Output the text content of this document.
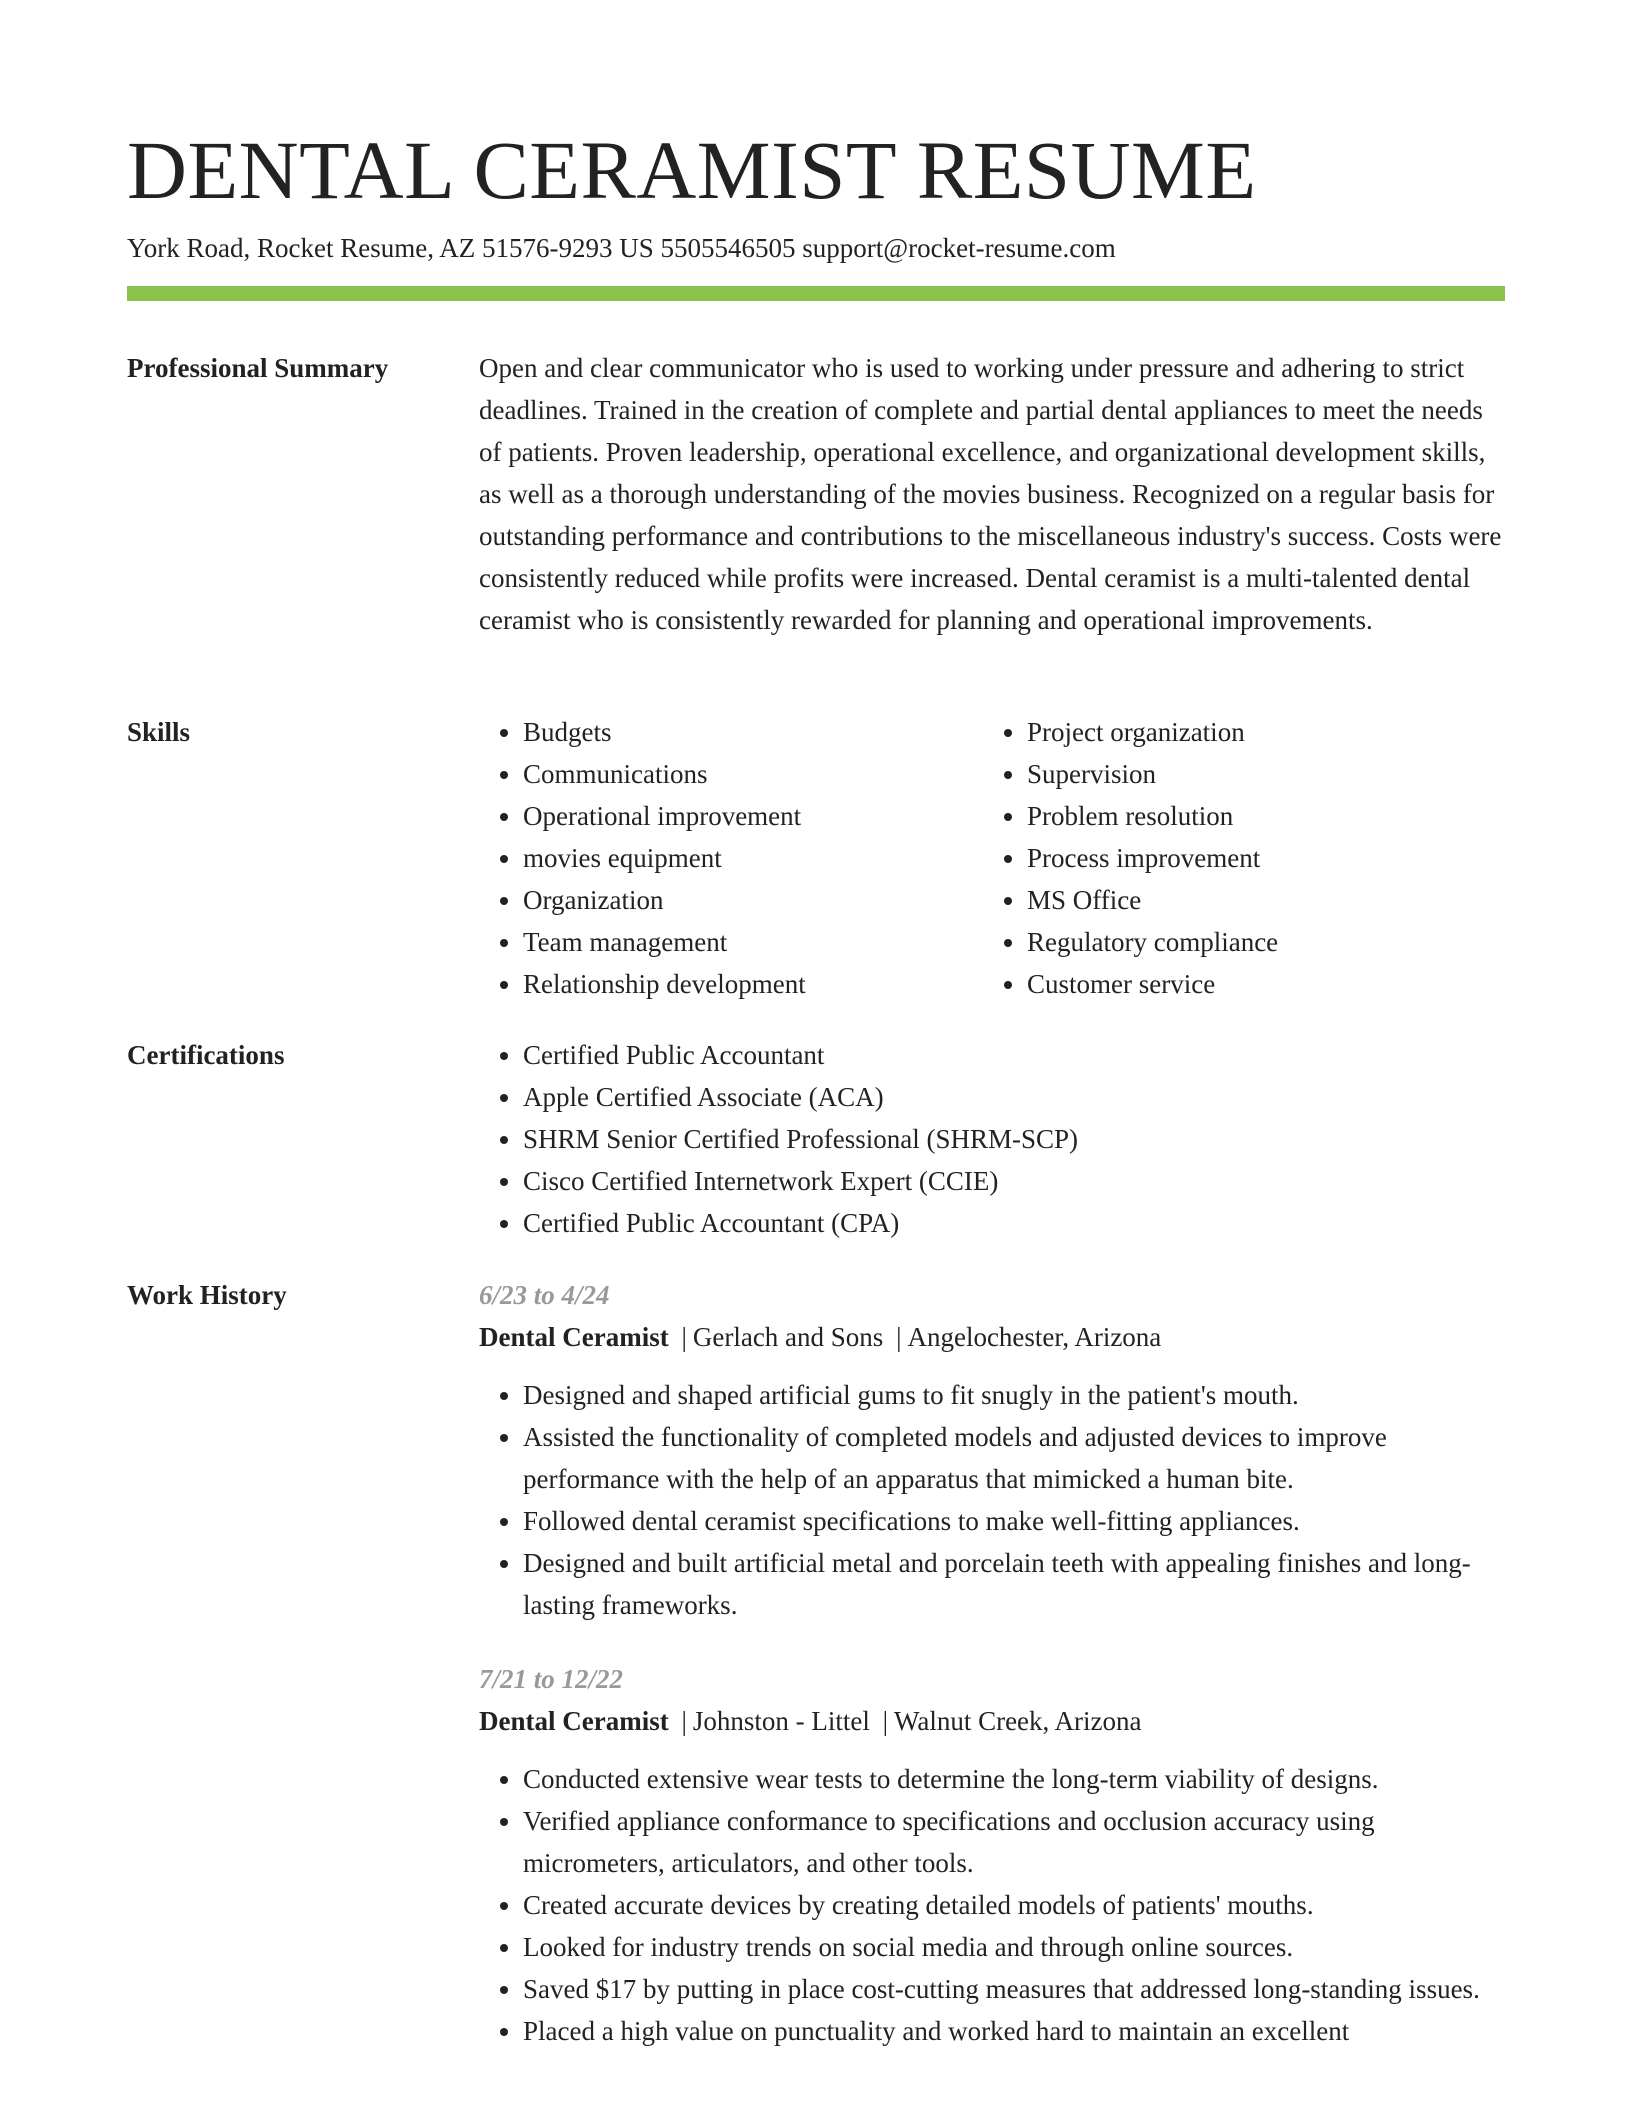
DENTAL CERAMIST RESUME
York Road, Rocket Resume, AZ 51576-9293 US 5505546505 support@rocket-resume.com
Professional Summary	Open and clear communicator who is used to working under pressure and adhering to strict deadlines. Trained in the creation of complete and partial dental appliances to meet the needs of patients. Proven leadership, operational excellence, and organizational development skills, as well as a thorough understanding of the movies business. Recognized on a regular basis for outstanding performance and contributions to the miscellaneous industry's success. Costs were consistently reduced while profits were increased. Dental ceramist is a multi-talented dental ceramist who is consistently rewarded for planning and operational improvements.

Skills	• Budgets
• Communications
• Operational improvement
• movies equipment
• Organization
• Team management
• Relationship development
• Project organization
• Supervision
• Problem resolution
• Process improvement
• MS Office
• Regulatory compliance
• Customer service
Certifications	• Certified Public Accountant
• Apple Certified Associate (ACA)
• SHRM Senior Certified Professional (SHRM-SCP)
• Cisco Certified Internetwork Expert (CCIE)
• Certified Public Accountant (CPA)
Work History	6/23 to 4/24
Dental Ceramist | Gerlach and Sons | Angelochester, Arizona
• Designed and shaped artificial gums to fit snugly in the patient's mouth.
• Assisted the functionality of completed models and adjusted devices to improve performance with the help of an apparatus that mimicked a human bite.
• Followed dental ceramist specifications to make well-fitting appliances.
• Designed and built artificial metal and porcelain teeth with appealing finishes and long-lasting frameworks.
7/21 to 12/22
Dental Ceramist | Johnston - Littel | Walnut Creek, Arizona
• Conducted extensive wear tests to determine the long-term viability of designs.
• Verified appliance conformance to specifications and occlusion accuracy using micrometers, articulators, and other tools.
• Created accurate devices by creating detailed models of patients' mouths.
• Looked for industry trends on social media and through online sources.
• Saved $17 by putting in place cost-cutting measures that addressed long-standing issues.
• Placed a high value on punctuality and worked hard to maintain an excellent
